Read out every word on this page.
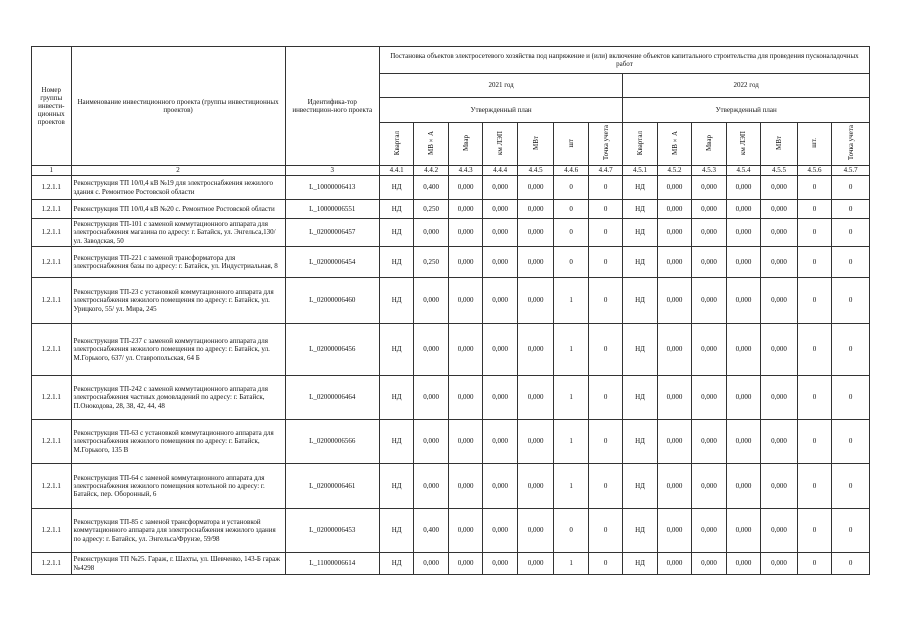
Номер группы инвести-ционных проектов	Наименование инвестиционного проекта (группы инвестиционных проектов)	Идентифика-тор инвестицион-ного проекта	Постановка объектов электросетевого хозяйства под напряжение и (или) включение объектов капитального строительства для проведения пусконаладочных работ													
			2021 год							2022 год						
			Утвержденный план							Утвержденный план						
			Квартал	МВ×А	Мвар	км ЛЭП	МВт	шт	Точка учета	Квартал	МВ×А	Мвар	км ЛЭП	МВт	шт.	Точка учета
1	2	3	4.4.1	4.4.2	4.4.3	4.4.4	4.4.5	4.4.6	4.4.7	4.5.1	4.5.2	4.5.3	4.5.4	4.5.5	4.5.6	4.5.7
1.2.1.1	Реконструкция ТП 10/0,4 кВ №19 для электроснабжения нежилого здания с. Ремонтное Ростовской области	L_10000006413	НД	0,400	0,000	0,000	0,000	0	0	НД	0,000	0,000	0,000	0,000	0	0
1.2.1.1	Реконструкция ТП 10/0,4 кВ №20 с. Ремонтное Ростовской области	L_10000006551	НД	0,250	0,000	0,000	0,000	0	0	НД	0,000	0,000	0,000	0,000	0	0
1.2.1.1	Реконструкция ТП-101 с заменой коммутационного аппарата для электроснабжения магазина по адресу: г. Батайск, ул. Энгельса,130/ ул. Заводская, 50	L_02000006457	НД	0,000	0,000	0,000	0,000	0	0	НД	0,000	0,000	0,000	0,000	0	0
1.2.1.1	Реконструкция ТП-221 с заменой трансформатора для электроснабжения базы по адресу: г. Батайск, ул. Индустриальная, 8	L_02000006454	НД	0,250	0,000	0,000	0,000	0	0	НД	0,000	0,000	0,000	0,000	0	0
1.2.1.1	Реконструкция ТП-23 с установкой коммутационного аппарата для электроснабжения нежилого помещения по адресу: г. Батайск, ул. Урицкого, 55/ ул. Мира, 245	L_02000006460	НД	0,000	0,000	0,000	0,000	1	0	НД	0,000	0,000	0,000	0,000	0	0
1.2.1.1	Реконструкция ТП-237 с заменой коммутационного аппарата для электроснабжения нежилого помещения по адресу: г. Батайск, ул. М.Горького, 637/ ул. Ставропольская, 64 Б	L_02000006456	НД	0,000	0,000	0,000	0,000	1	0	НД	0,000	0,000	0,000	0,000	0	0
1.2.1.1	Реконструкция ТП-242 с заменой коммутационного аппарата для электроснабжения частных домовладений по адресу: г. Батайск, П.Онокодова, 28, 38, 42, 44, 48	L_02000006464	НД	0,000	0,000	0,000	0,000	1	0	НД	0,000	0,000	0,000	0,000	0	0
1.2.1.1	Реконструкция ТП-63 с установкой коммутационного аппарата для электроснабжения нежилого помещения по адресу: г. Батайск, М.Горького, 135 В	L_02000006566	НД	0,000	0,000	0,000	0,000	1	0	НД	0,000	0,000	0,000	0,000	0	0
1.2.1.1	Реконструкция ТП-64 с заменой коммутационного аппарата для электроснабжения нежилого помещения котельной по адресу: г. Батайск, пер. Оборонный, 6	L_02000006461	НД	0,000	0,000	0,000	0,000	1	0	НД	0,000	0,000	0,000	0,000	0	0
1.2.1.1	Реконструкция ТП-85 с заменой трансформатора и установкой коммутационного аппарата для электроснабжения нежилого здания по адресу: г. Батайск, ул. Энгельса/Фрунзе, 59/98	L_02000006453	НД	0,400	0,000	0,000	0,000	0	0	НД	0,000	0,000	0,000	0,000	0	0
1.2.1.1	Реконструкция ТП №25. Гараж, г. Шахты, ул. Шевченко, 143-Б гараж №4298	L_11000006614	НД	0,000	0,000	0,000	0,000	1	0	НД	0,000	0,000	0,000	0,000	0	0
